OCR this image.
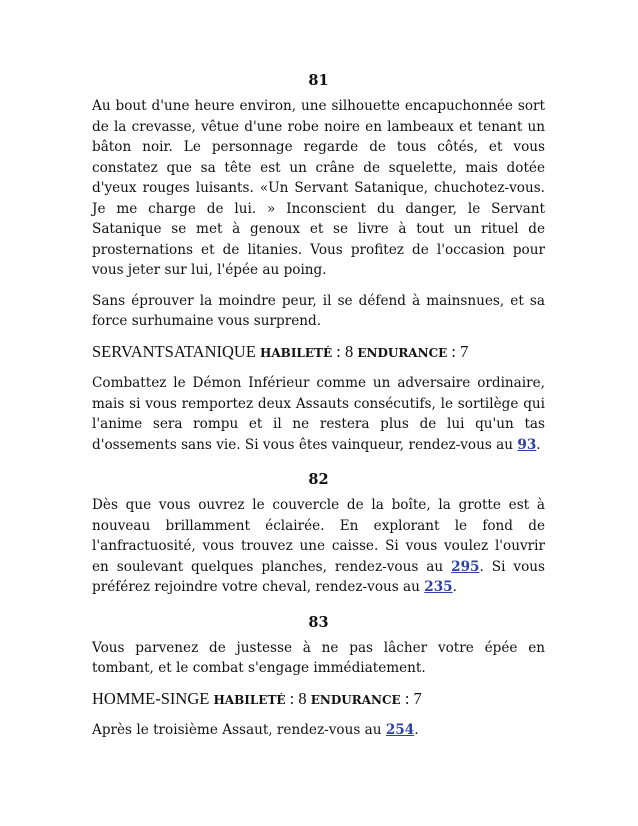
81

Au bout d'une heure environ, une silhouette encapuchonnée sort de la crevasse, vêtue d'une robe noire en lambeaux et tenant un bâton noir. Le personnage regarde de tous côtés, et vous constatez que sa tête est un crâne de squelette, mais dotée d'yeux rouges luisants. «Un Servant Satanique, chuchotez-vous. Je me charge de lui. » Inconscient du danger, le Servant Satanique se met à genoux et se livre à tout un rituel de prosternations et de litanies. Vous profitez de l'occasion pour vous jeter sur lui, l'épée au poing.

Sans éprouver la moindre peur, il se défend à mainsnues, et sa force surhumaine vous surprend.

SERVANTSATANIQUE HABILETÉ : 8 ENDURANCE : 7

Combattez le Démon Inférieur comme un adversaire ordinaire, mais si vous remportez deux Assauts consécutifs, le sortilège qui l'anime sera rompu et il ne restera plus de lui qu'un tas d'ossements sans vie. Si vous êtes vainqueur, rendez-vous au 93.

82

Dès que vous ouvrez le couvercle de la boîte, la grotte est à nouveau brillamment éclairée. En explorant le fond de l'anfractuosité, vous trouvez une caisse. Si vous voulez l'ouvrir en soulevant quelques planches, rendez-vous au 295. Si vous préférez rejoindre votre cheval, rendez-vous au 235.

83

Vous parvenez de justesse à ne pas lâcher votre épée en tombant, et le combat s'engage immédiatement.

HOMME-SINGE HABILETÉ : 8 ENDURANCE : 7

Après le troisième Assaut, rendez-vous au 254.
